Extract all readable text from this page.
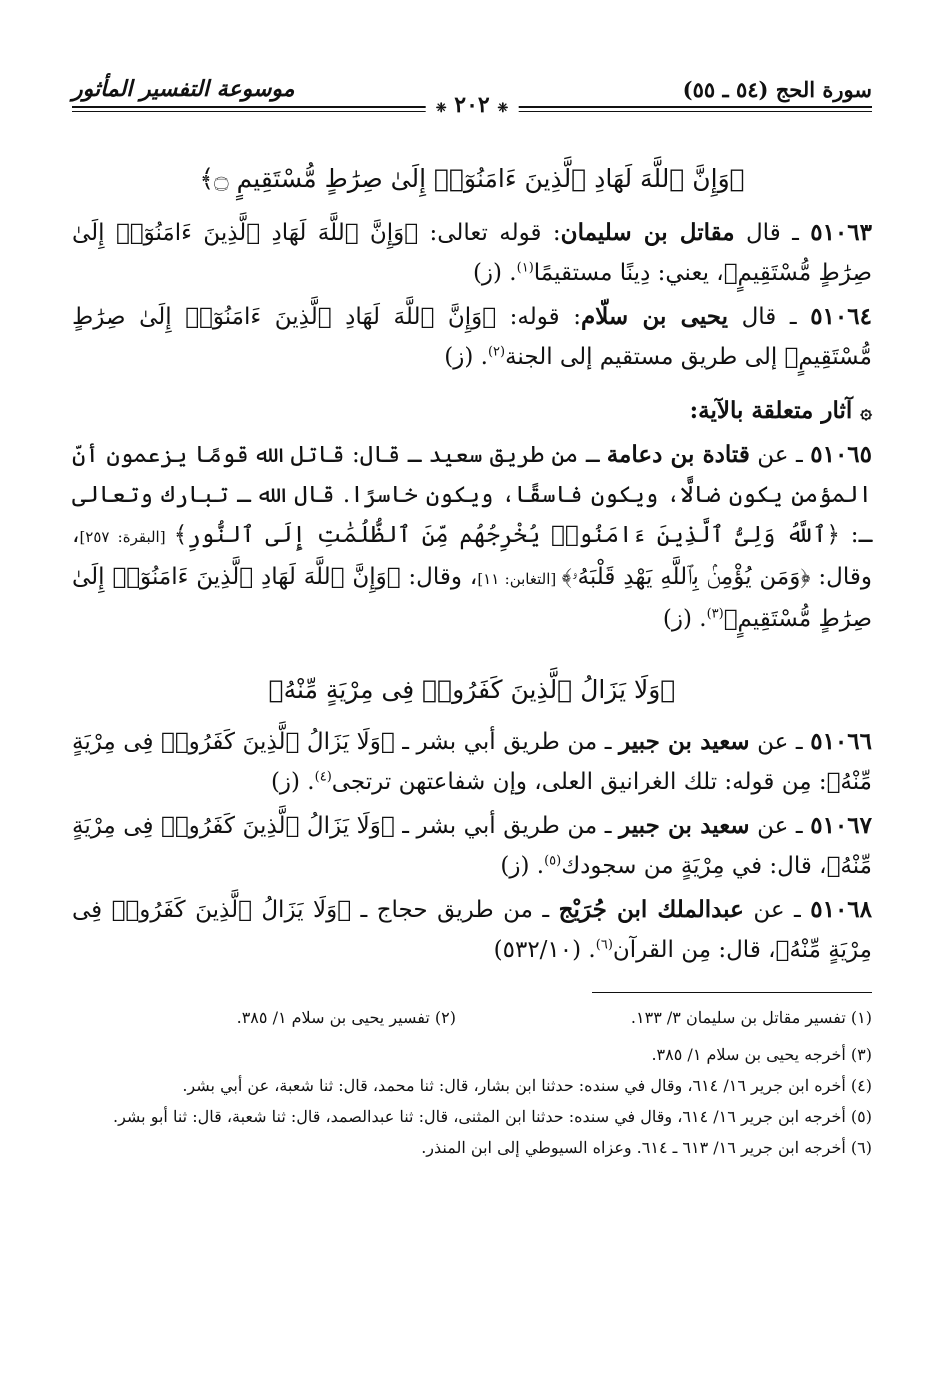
سورة الحج (٥٤ ـ ٥٥)
موسوعة التفسير المأثور
❈ ٢٠٢ ❈
﴿وَإِنَّ ٱللَّهَ لَهَادِ ٱلَّذِينَ ءَامَنُوٓا۟ إِلَىٰ صِرَٰطٍ مُّسْتَقِيمٍ ۝﴾

٥١٠٦٣ ـ قال مقاتل بن سليمان: قوله تعالى: ﴿وَإِنَّ ٱللَّهَ لَهَادِ ٱلَّذِينَ ءَامَنُوٓا۟ إِلَىٰ صِرَٰطٍ مُّسْتَقِيمٍ﴾، يعني: دِينًا مستقيمًا$^{(١)}$. (ز)

٥١٠٦٤ ـ قال يحيى بن سلّام: قوله: ﴿وَإِنَّ ٱللَّهَ لَهَادِ ٱلَّذِينَ ءَامَنُوٓا۟ إِلَىٰ صِرَٰطٍ مُّسْتَقِيمٍ﴾ إلى طريق مستقيم إلى الجنة$^{(٢)}$. (ز)

۞ آثار متعلقة بالآية:

٥١٠٦٥ ـ عن قتادة بن دعامة ـ من طريق سعيد ـ قال: قاتل الله قومًا يزعمون أنّ المؤمن يكون ضالًّا، ويكون فاسقًا، ويكون خاسرًا. قال الله ـ تبارك وتعالى ـ: ﴿ٱللَّهُ وَلِىُّ ٱلَّذِينَ ءَامَنُوا۟ يُخْرِجُهُم مِّنَ ٱلظُّلُمَٰتِ إِلَى ٱلنُّورِ﴾ [البقرة: ٢٥٧]، وقال: ﴿وَمَن يُؤْمِنۢ بِٱللَّهِ يَهْدِ قَلْبَهُۥ﴾ [التغابن: ١١]، وقال: ﴿وَإِنَّ ٱللَّهَ لَهَادِ ٱلَّذِينَ ءَامَنُوٓا۟ إِلَىٰ صِرَٰطٍ مُّسْتَقِيمٍ﴾$^{(٣)}$. (ز)

﴿وَلَا يَزَالُ ٱلَّذِينَ كَفَرُوا۟ فِى مِرْيَةٍ مِّنْهُ﴾

٥١٠٦٦ ـ عن سعيد بن جبير ـ من طريق أبي بشر ـ ﴿وَلَا يَزَالُ ٱلَّذِينَ كَفَرُوا۟ فِى مِرْيَةٍ مِّنْهُ﴾: مِن قوله: تلك الغرانيق العلى، وإن شفاعتهن ترتجى$^{(٤)}$. (ز)

٥١٠٦٧ ـ عن سعيد بن جبير ـ من طريق أبي بشر ـ ﴿وَلَا يَزَالُ ٱلَّذِينَ كَفَرُوا۟ فِى مِرْيَةٍ مِّنْهُ﴾، قال: في مِرْيَةٍ من سجودك$^{(٥)}$. (ز)

٥١٠٦٨ ـ عن عبدالملك ابن جُرَيْج ـ من طريق حجاج ـ ﴿وَلَا يَزَالُ ٱلَّذِينَ كَفَرُوا۟ فِى مِرْيَةٍ مِّنْهُ﴾، قال: مِن القرآن$^{(٦)}$. (٥٣٢/١٠)

(١) تفسير مقاتل بن سليمان ٣/ ١٣٣.
(٢) تفسير يحيى بن سلام ١/ ٣٨٥.
(٣) أخرجه يحيى بن سلام ١/ ٣٨٥.
(٤) أخره ابن جرير ١٦/ ٦١٤، وقال في سنده: حدثنا ابن بشار، قال: ثنا محمد، قال: ثنا شعبة، عن أبي بشر.
(٥) أخرجه ابن جرير ١٦/ ٦١٤، وقال في سنده: حدثنا ابن المثنى، قال: ثنا عبدالصمد، قال: ثنا شعبة، قال: ثنا أبو بشر.
(٦) أخرجه ابن جرير ١٦/ ٦١٣ ـ ٦١٤. وعزاه السيوطي إلى ابن المنذر.
